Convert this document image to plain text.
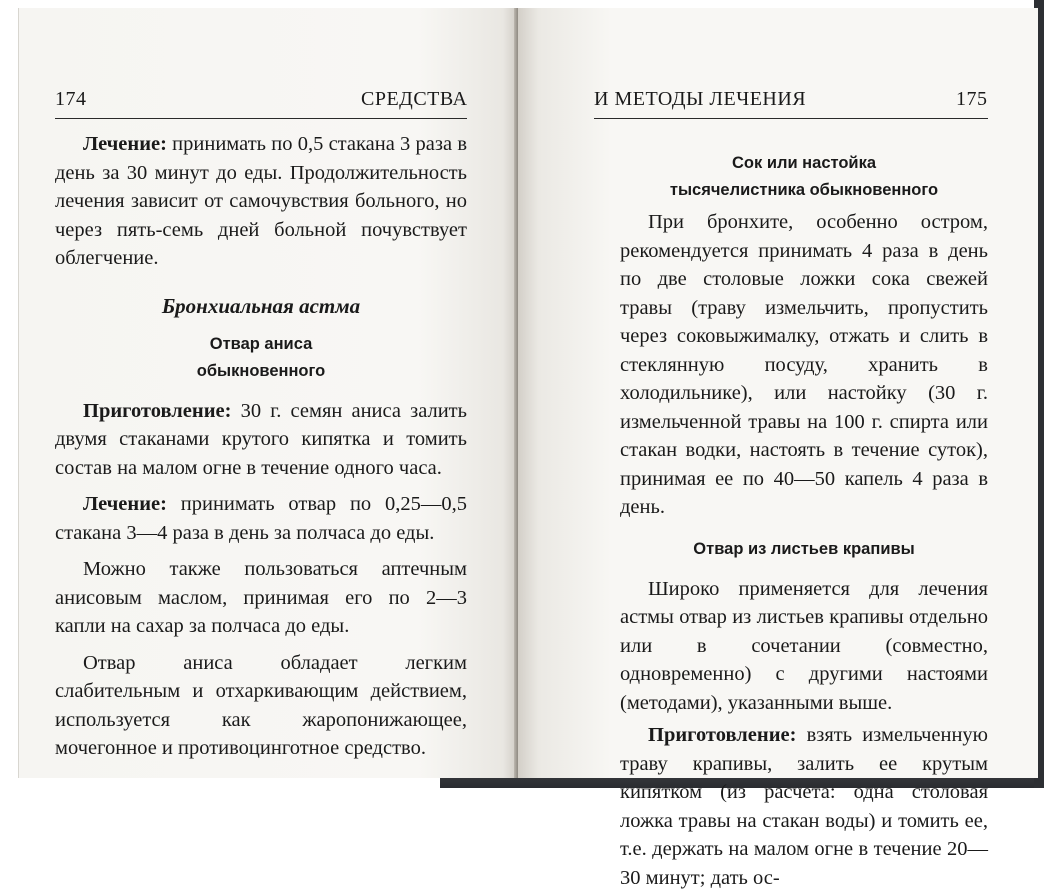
174	СРЕДСТВА

Лечение: принимать по 0,5 стакана 3 раза в день за 30 минут до еды. Продолжительность лечения зависит от самочувствия больного, но через пять-семь дней больной почувствует облегчение.

Бронхиальная астма

Отвар аниса

обыкновенного

Приготовление: 30 г. семян аниса залить двумя стаканами крутого кипятка и томить состав на малом огне в течение одного часа.

Лечение: принимать отвар по 0,25—0,5 стакана 3—4 раза в день за полчаса до еды.

Можно также пользоваться аптечным анисовым маслом, принимая его по 2—3 капли на сахар за полчаса до еды.

Отвар аниса обладает легким слабительным и отхаркивающим действием, используется как жаропонижающее, мочегонное и противоцинготное средство.

И МЕТОДЫ ЛЕЧЕНИЯ	175

Сок или настойка

тысячелистника обыкновенного

При бронхите, особенно остром, рекомендуется принимать 4 раза в день по две столовые ложки сока свежей травы (траву измельчить, пропустить через соковыжималку, отжать и слить в стеклянную посуду, хранить в холодильнике), или настойку (30 г. измельченной травы на 100 г. спирта или стакан водки, настоять в течение суток), принимая ее по 40—50 капель 4 раза в день.

Отвар из листьев крапивы

Широко применяется для лечения астмы отвар из листьев крапивы отдельно или в сочетании (совместно, одновременно) с другими настоями (методами), указанными выше.

Приготовление: взять измельченную траву крапивы, залить ее крутым кипятком (из расчета: одна столовая ложка травы на стакан воды) и томить ее, т.е. держать на малом огне в течение 20—30 минут; дать ос-
